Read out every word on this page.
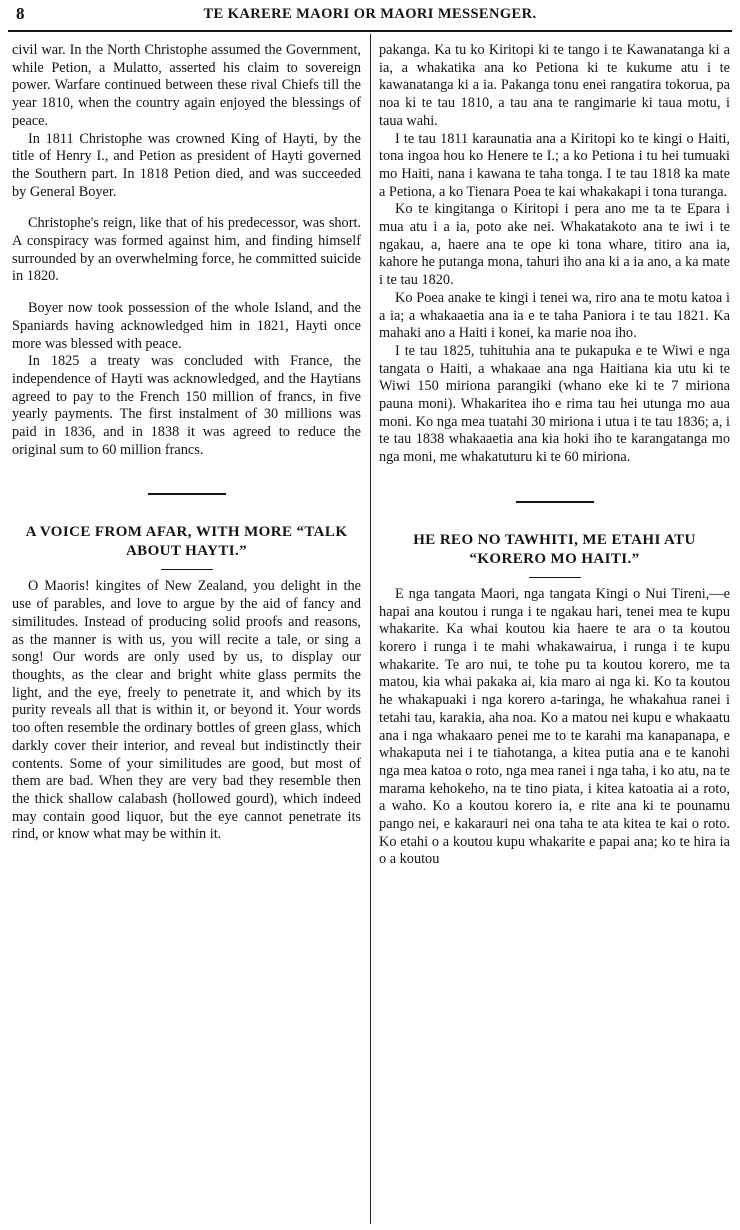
8	TE KARERE MAORI OR MAORI MESSENGER.

civil war. In the North Christophe assumed the Government, while Petion, a Mulatto, asserted his claim to sovereign power. Warfare continued between these rival Chiefs till the year 1810, when the country again enjoyed the blessings of peace.

In 1811 Christophe was crowned King of Hayti, by the title of Henry I., and Petion as president of Hayti governed the Southern part. In 1818 Petion died, and was succeeded by General Boyer.

Christophe's reign, like that of his predecessor, was short. A conspiracy was formed against him, and finding himself surrounded by an overwhelming force, he committed suicide in 1820.

Boyer now took possession of the whole Island, and the Spaniards having acknowledged him in 1821, Hayti once more was blessed with peace.

In 1825 a treaty was concluded with France, the independence of Hayti was acknowledged, and the Haytians agreed to pay to the French 150 million of francs, in five yearly payments. The first instalment of 30 millions was paid in 1836, and in 1838 it was agreed to reduce the original sum to 60 million francs.

A VOICE FROM AFAR, WITH MORE “TALK ABOUT HAYTI.”

O Maoris! kingites of New Zealand, you delight in the use of parables, and love to argue by the aid of fancy and similitudes. Instead of producing solid proofs and reasons, as the manner is with us, you will recite a tale, or sing a song! Our words are only used by us, to display our thoughts, as the clear and bright white glass permits the light, and the eye, freely to penetrate it, and which by its purity reveals all that is within it, or beyond it. Your words too often resemble the ordinary bottles of green glass, which darkly cover their interior, and reveal but indistinctly their contents. Some of your similitudes are good, but most of them are bad. When they are very bad they resemble then the thick shallow calabash (hollowed gourd), which indeed may contain good liquor, but the eye cannot penetrate its rind, or know what may be within it.

pakanga. Ka tu ko Kiritopi ki te tango i te Kawanatanga ki a ia, a whakatika ana ko Petiona ki te kukume atu i te kawanatanga ki a ia. Pakanga tonu enei rangatira tokorua, pa noa ki te tau 1810, a tau ana te rangimarie ki taua motu, i taua wahi.

I te tau 1811 karaunatia ana a Kiritopi ko te kingi o Haiti, tona ingoa hou ko Henere te I.; a ko Petiona i tu hei tumuaki mo Haiti, nana i kawana te taha tonga. I te tau 1818 ka mate a Petiona, a ko Tienara Poea te kai whakakapi i tona turanga.

Ko te kingitanga o Kiritopi i pera ano me ta te Epara i mua atu i a ia, poto ake nei. Whakatakoto ana te iwi i te ngakau, a, haere ana te ope ki tona whare, titiro ana ia, kahore he putanga mona, tahuri iho ana ki a ia ano, a ka mate i te tau 1820.

Ko Poea anake te kingi i tenei wa, riro ana te motu katoa i a ia; a whakaaetia ana ia e te taha Paniora i te tau 1821. Ka mahaki ano a Haiti i konei, ka marie noa iho.

I te tau 1825, tuhituhia ana te pukapuka e te Wiwi e nga tangata o Haiti, a whakaae ana nga Haitiana kia utu ki te Wiwi 150 miriona parangiki (whano eke ki te 7 miriona pauna moni). Whakaritea iho e rima tau hei utunga mo aua moni. Ko nga mea tuatahi 30 miriona i utua i te tau 1836; a, i te tau 1838 whakaaetia ana kia hoki iho te karangatanga mo nga moni, me whakatuturu ki te 60 miriona.

HE REO NO TAWHITI, ME ETAHI ATU “KORERO MO HAITI.”

E nga tangata Maori, nga tangata Kingi o Nui Tireni,—e hapai ana koutou i runga i te ngakau hari, tenei mea te kupu whakarite. Ka whai koutou kia haere te ara o ta koutou korero i runga i te mahi whakawairua, i runga i te kupu whakarite. Te aro nui, te tohe pu ta koutou korero, me ta matou, kia whai pakaka ai, kia maro ai nga ki. Ko ta koutou he whakapuaki i nga korero a-taringa, he whakahua ranei i tetahi tau, karakia, aha noa. Ko a matou nei kupu e whakaatu ana i nga whakaaro penei me to te karahi ma kanapanapa, e whakaputa nei i te tiahotanga, a kitea putia ana e te kanohi nga mea katoa o roto, nga mea ranei i nga taha, i ko atu, na te marama kehokeho, na te tino piata, i kitea katoatia ai a roto, a waho. Ko a koutou korero ia, e rite ana ki te pounamu pango nei, e kakarauri nei ona taha te ata kitea te kai o roto. Ko etahi o a koutou kupu whakarite e papai ana; ko te hira ia o a koutou
